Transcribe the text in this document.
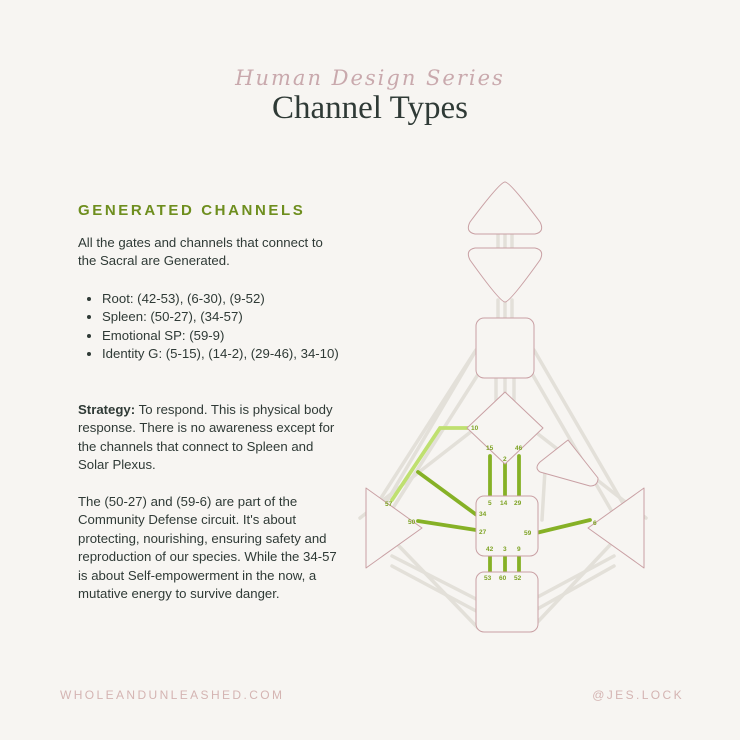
Human Design Series
Channel Types
GENERATED CHANNELS
All the gates and channels that connect to the Sacral are Generated.
• Root: (42-53), (6-30), (9-52)
• Spleen: (50-27), (34-57)
• Emotional SP: (59-9)
• Identity G: (5-15), (14-2), (29-46), 34-10)
Strategy: To respond. This is physical body response. There is no awareness except for the channels that connect to Spleen and Solar Plexus.
The (50-27) and (59-6) are part of the Community Defense circuit. It's about protecting, nourishing, ensuring safety and reproduction of our species. While the 34-57 is about Self-empowerment in the now, a mutative energy to survive danger.
10
15	46
2
57
50
34
27
5 14 29
59
42 3 9
6
53 60 52
WHOLEANDUNLEASHED.COM	@JES.LOCK
